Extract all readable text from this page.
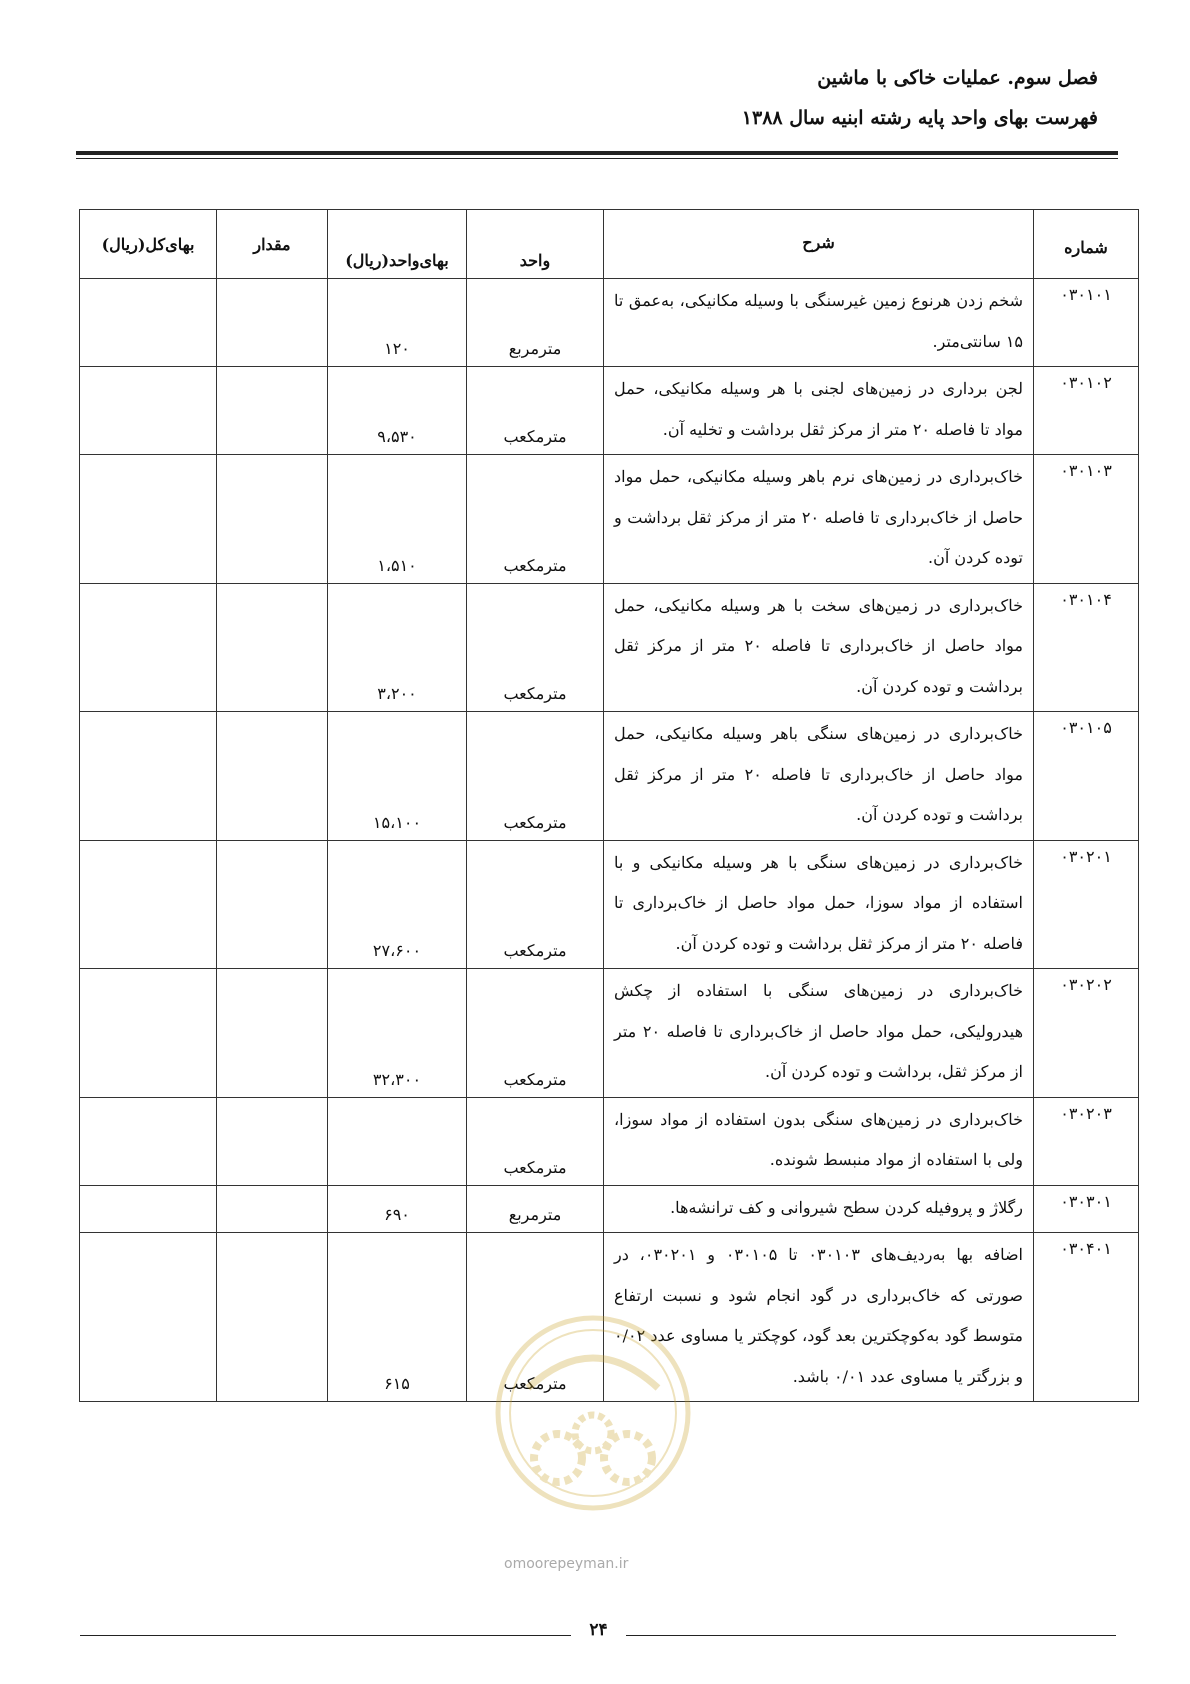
فصل سوم. عملیات خاکی با ماشین
فهرست بهای واحد پایه رشته ابنیه سال ۱۳۸۸
شماره	شرح	واحد	بهای‌واحد(ریال)	مقدار	بهای‌کل(ریال)
۰۳۰۱۰۱	شخم زدن هرنوع زمین غیرسنگی با وسیله مکانیکی، به‌عمق تا ۱۵ سانتی‌متر.	مترمربع	۱۲۰		
۰۳۰۱۰۲	لجن برداری در زمین‌های لجنی با هر وسیله مکانیکی، حمل مواد تا فاصله ۲۰ متر از مرکز ثقل برداشت و تخلیه آن.	مترمکعب	۹،۵۳۰		
۰۳۰۱۰۳	خاک‌برداری در زمین‌های نرم باهر وسیله مکانیکی، حمل مواد حاصل از خاک‌برداری تا فاصله ۲۰ متر از مرکز ثقل برداشت و توده کردن آن.	مترمکعب	۱،۵۱۰		
۰۳۰۱۰۴	خاک‌برداری در زمین‌های سخت با هر وسیله مکانیکی، حمل مواد حاصل از خاک‌برداری تا فاصله ۲۰ متر از مرکز ثقل برداشت و توده کردن آن.	مترمکعب	۳،۲۰۰		
۰۳۰۱۰۵	خاک‌برداری در زمین‌های سنگی باهر وسیله مکانیکی، حمل مواد حاصل از خاک‌برداری تا فاصله ۲۰ متر از مرکز ثقل برداشت و توده کردن آن.	مترمکعب	۱۵،۱۰۰		
۰۳۰۲۰۱	خاک‌برداری در زمین‌های سنگی با هر وسیله مکانیکی و با استفاده از مواد سوزا، حمل مواد حاصل از خاک‌برداری تا فاصله ۲۰ متر از مرکز ثقل برداشت و توده کردن آن.	مترمکعب	۲۷،۶۰۰		
۰۳۰۲۰۲	خاک‌برداری در زمین‌های سنگی با استفاده از چکش هیدرولیکی، حمل مواد حاصل از خاک‌برداری تا فاصله ۲۰ متر از مرکز ثقل، برداشت و توده کردن آن.	مترمکعب	۳۲،۳۰۰		
۰۳۰۲۰۳	خاک‌برداری در زمین‌های سنگی بدون استفاده از مواد سوزا، ولی با استفاده از مواد منبسط شونده.	مترمکعب			
۰۳۰۳۰۱	رگلاژ و پروفیله کردن سطح شیروانی و کف ترانشه‌ها.	مترمربع	۶۹۰		
۰۳۰۴۰۱	اضافه بها به‌ردیف‌های ۰۳۰۱۰۳ تا ۰۳۰۱۰۵ و ۰۳۰۲۰۱، در صورتی که خاک‌برداری در گود انجام شود و نسبت ارتفاع متوسط گود به‌کوچکترین بعد گود، کوچکتر یا مساوی عدد ۰/۰۲ و بزرگتر یا مساوی عدد ۰/۰۱ باشد.	مترمکعب	۶۱۵		
omoorepeyman.ir
۲۴
